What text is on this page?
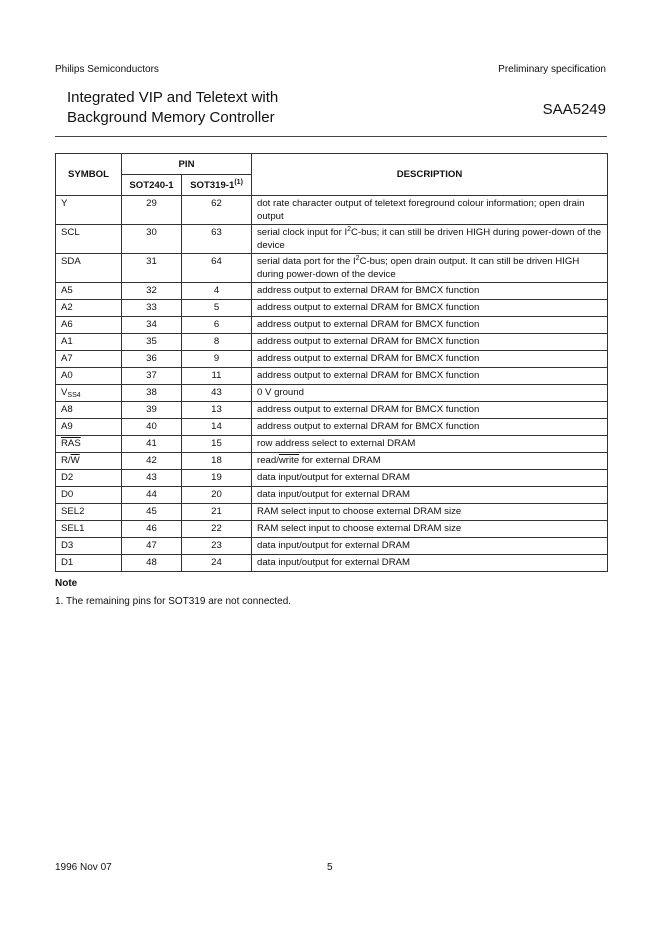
Philips Semiconductors	Preliminary specification
Integrated VIP and Teletext with
Background Memory Controller	SAA5249
SYMBOL	PIN		DESCRIPTION
	SOT240-1	SOT319-1$^{(1)}$
Y	29	62	dot rate character output of teletext foreground colour information; open drain output
SCL	30	63	serial clock input for $I^2C$-bus; it can still be driven HIGH during power-down of the device
SDA	31	64	serial data port for the $I^2C$-bus; open drain output. It can still be driven HIGH during power-down of the device
A5	32	4	address output to external DRAM for BMCX function
A2	33	5	address output to external DRAM for BMCX function
A6	34	6	address output to external DRAM for BMCX function
A1	35	8	address output to external DRAM for BMCX function
A7	36	9	address output to external DRAM for BMCX function
A0	37	11	address output to external DRAM for BMCX function
$V_{SS4}$	38	43	0 V ground
A8	39	13	address output to external DRAM for BMCX function
A9	40	14	address output to external DRAM for BMCX function
$\overline{RAS}$	41	15	row address select to external DRAM
$R/\overline{W}$	42	18	read/write for external DRAM
D2	43	19	data input/output for external DRAM
D0	44	20	data input/output for external DRAM
SEL2	45	21	RAM select input to choose external DRAM size
SEL1	46	22	RAM select input to choose external DRAM size
D3	47	23	data input/output for external DRAM
D1	48	24	data input/output for external DRAM
Note
1. The remaining pins for SOT319 are not connected.
1996 Nov 07	5
